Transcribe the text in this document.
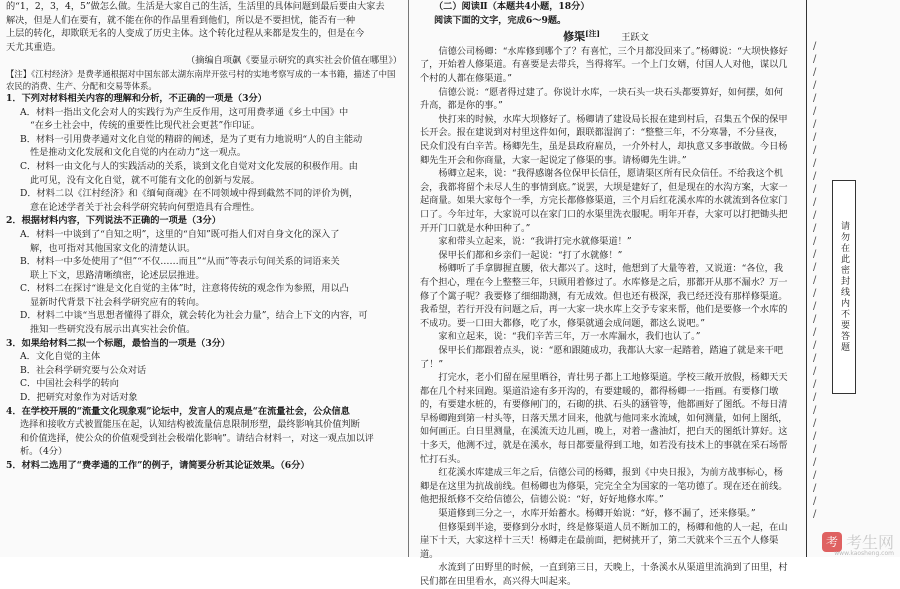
的“1，2，3，4，5”做怎么做。生活是大家自己的生活，生活里的具体问题到最后要由大家去

解决，但是人们在要有，就不能在你的作品里看到他们，所以是不要担忧，能否有一种

上层的转化，却欺联无名的人变成了历史主体。这个转化过程从来都是发生的，但是在今

天尤其重造。

（摘编自项飙《要显示研究的真实社会价值在哪里》）

【注】《江村经济》是费孝通根据对中国东部太湖东南岸开弦弓村的实地考察写成的一本书籍，描述了中国农民的消费、生产、分配和交易等体系。

1．下列对材料相关内容的理解和分析，不正确的一项是（3分）

A．材料一指出文化会对人的实践行为产生反作用，这可用费孝通《乡土中国》中

“在乡土社会中，传统的重要性比现代社会更甚”作印证。

B．材料一引用费孝通对文化自觉的精辟的阐述，是为了更有力地说明“人的自主能动

性是推动文化发展和文化自觉的内在动力”这一观点。

C．材料一由文化与人的实践活动的关系，谈到文化自觉对文化发展的积极作用。由

此可见，没有文化自觉，就不可能有文化的创新与发展。

D．材料二以《江村经济》和《缅甸商魂》在不同领域中得到截然不同的评价为例，

意在论述学者关于社会科学研究转向何塑造具有合理性。

2．根据材料内容，下列说法不正确的一项是（3分）

A．材料一中谈到了“自知之明”，这里的“自知”既可指人们对自身文化的深入了

解，也可指对其他国家文化的清楚认识。

B．材料一中多处使用了“但”“不仅……而且”“从而”等表示句间关系的词语来关

联上下文，思路清晰缜密，论述层层推进。

C．材料二在探讨“谁是文化自觉的主体”时，注意将传统的观念作为参照，用以凸

显新时代背景下社会科学研究应有的转向。

D．材料二中谈“当思想者懂得了群众，就会转化为社会力量”，结合上下文的内容，可

推知一些研究没有展示出真实社会价值。

3．如果给材料二拟一个标题，最恰当的一项是（3分）

A．文化自觉的主体

B．社会科学研究要与公众对话

C．中国社会科学的转向

D．把研究对象作为对话对象

4．在学校开展的“流量文化现象观”论坛中，发言人的观点是“在流量社会，公众信息

选择和接收方式被置能压在起，认知结构被流量信息限制形塑，最终影响其价值判断

和价值选择，使公众的价值观受到社会极端化影响”。请结合材料一，对这一观点加以评

析。（4分）

5．材料二选用了“费孝通的工作”的例子，请简要分析其论证效果。（6分）

（二）阅读Ⅱ（本题共4小题，18分）

阅读下面的文字，完成6～9题。

修渠[注] 王跃文

信德公司杨卿：“水库修到哪个了？有喜忙，三个月都没回来了。”杨卿说：“大坝快修好了，开始着人修渠道。有喜要是去带兵，当得将军。一个上门女婿，付国人人对他，谋以几个村的人都在修渠道。”

信德公说：“愿者得过建了。你说计水库，一块石头一块石头都要算好，如何摆，如何升高，都是你的事。”

快打来的时候，水库大坝修好了。杨卿请了建设局长报在建到村后，召集五个保的保甲长开会。报在建说到对村里这件如何，跟联都湿润了：“整整三年，不分寒暑，不分昼夜，民众们没有白辛苦。杨卿先生，虽是县政府雇员，一介外村人，却执意又多事敢做。今日杨卿先生开会和你商量，大家一起说定了修渠的事。请杨卿先生讲。”

杨卿立起来，说：“我得感谢各位保甲长信任，愿请渠区所有民众信任。不给我这个机会，我都将留个未尽人生的事情到底。”说罢，大坝是建好了，但是现在的水沟方案，大家一起商量。如果大家每个一季，方完长都修修渠道，三个月后红花溪水库的水就流到各位家门口了。今年过年，大家说可以在家门口的水渠里洗衣服呢。明年开春，大家可以打把锄头把开开门口就是水种田种了。”

家和带头立起来，说：“我讲打完水就修渠道！”

保甲长们都和乡亲们一起说：“打了水就修！”

杨卿听了手拿脚握直腰，依大都兴了。这时，他想到了大量等着，又说道：“各位，我有个担心，理在今上整整三年，只顾用着修过了。水库修是之后，那都开从那不漏水？万一修了个篱子呢？我要修了细细勘测，有无成效。但也还有极深，我已经还没有那样修渠道。我希望，若行开没有问题之后，再一大家一块水库上交予专家来帮，他们是要修一个水库的不成功。要一口田大都修，吃了水，修渠就通会成问题，都这么说吧。”

家和立起来，说：“我们辛苦三年，万一水库漏水，我们也认了。”

保甲长们都跟着点头，说：“愿和跟随成功，我都认大家一起踏着，踏遍了就是来干吧了！”

打完水，老小们留在屋里晒谷，青壮男子都上工地修渠道。学校三敞开放假，杨卿天天都在几个村来回跑。渠道沿途有多开沟的，有要建暖的，都得杨卿一一指画。有要修门墩的，有要建水桩的，有要修闸门的，石砌的拱、石头的涵管等，他都画好了图纸。不每日清早杨卿跑到第一村头等，日落天黑才回来，他就与他同来水流域，如何测量，如何上图纸，如何画正。白日里测量，在溪流天边儿画，晚上，对着一盏油灯，把白天的图纸计算好。这十多天，他测不过，就是在溪水，每日都要量得到工地，如若没有技术上的事就在采石场帮忙打石头。

红花溪水库建成三年之后，信德公司的杨卿，报到《中央日报》，为前方战事标心，杨卿是在这里为抗战前线。但杨卿也为修渠，完完全全为国家的一笔功德了。现在还在前线。他把报纸修不交给信德公，信德公说：“好，好好地修水库。”

渠道修到三分之一，水库开始蓄水。杨卿开始说：“好，修不漏了，还来修渠。”

但修渠到半途，要修到分水时，终是修渠道人员不断加工的，杨卿和他的人一起，在山崖下十天，大家这样十三天！杨卿走在最前面，把树挑开了，第二天就来个三五个人修渠道。

水流到了田野里的时候，一直到第三日，天晚上，十条溪水从渠道里流淌到了田里，村民们都在田里看水，高兴得大叫起来。

/
/
/
/
/
/
/
/
/
/
/
/
/
/
/
/
/
/
/
/
/
/
/
/
/
/
/
/
/
/
/
/
/
/
/
/
/
请勿在此密封线内不要答题
考 考生网
www.kaosheng.com
